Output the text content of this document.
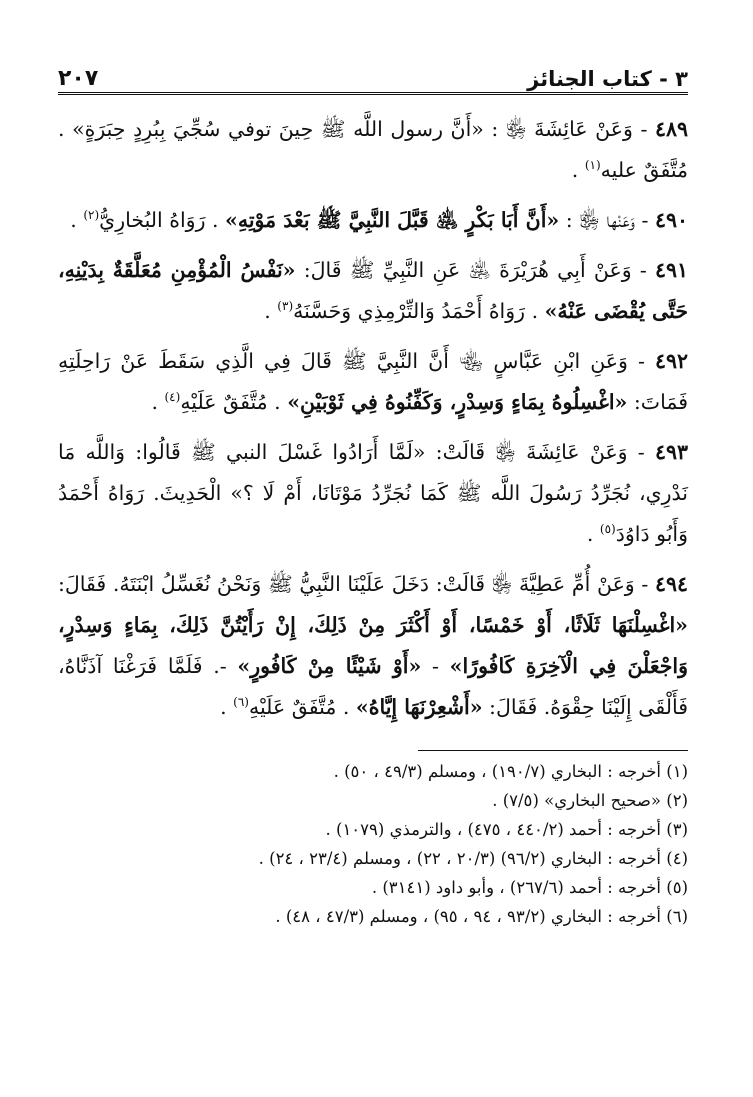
٣ - كتاب الجنائز
٢٠٧

٤٨٩ - وَعَنْ عَائِشَةَ ﵂ : «أَنَّ رسول اللَّه ﷺ حِينَ توفي سُجِّيَ بِبُرِدٍ حِبَرَةٍ» . مُتَّفَقٌ عليه$^{(١)}$ .

٤٩٠ - وَعَنْها ﵂ : «أَنَّ أَبَا بَكْرٍ ﵁ قَبَّلَ النَّبِيَّ ﷺ بَعْدَ مَوْتِهِ» . رَوَاهُ البُخارِيُّ$^{(٢)}$ .

٤٩١ - وَعَنْ أَبِي هُرَيْرَةَ ﵁ عَنِ النَّبِيِّ ﷺ قَالَ: «نَفْسُ الْمُؤْمِنِ مُعَلَّقَةٌ بِدَيْنِهِ، حَتَّى يُقْضَى عَنْهُ» . رَوَاهُ أَحْمَدُ وَالتِّرْمِذِي وَحَسَّنَهُ$^{(٣)}$ .

٤٩٢ - وَعَنِ ابْنِ عَبَّاسٍ ﵄ أَنَّ النَّبِيَّ ﷺ قَالَ فِي الَّذِي سَقَطَ عَنْ رَاحِلَتِهِ فَمَاتَ: «اغْسِلُوهُ بِمَاءٍ وَسِدْرٍ، وَكَفِّنُوهُ فِي ثَوْبَيْنِ» . مُتَّفَقٌ عَلَيْهِ$^{(٤)}$ .

٤٩٣ - وَعَنْ عَائِشَةَ ﵂ قَالَتْ: «لَمَّا أَرَادُوا غَسْلَ النبي ﷺ قَالُوا: وَاللَّه مَا نَدْرِي، نُجَرِّدُ رَسُولَ اللَّه ﷺ كَمَا نُجَرِّدُ مَوْتَانَا، أَمْ لَا ؟» الْحَدِيثَ. رَوَاهُ أَحْمَدُ وَأَبُو دَاوُدَ$^{(٥)}$ .

٤٩٤ - وَعَنْ أُمِّ عَطِيَّةَ ﵂ قَالَتْ: دَخَلَ عَلَيْنَا النَّبِيُّ ﷺ وَنَحْنُ نُغَسِّلُ ابْنَتَهُ. فَقَالَ: «اغْسِلْنَهَا ثَلَاثًا، أَوْ خَمْسًا، أَوْ أَكْثَرَ مِنْ ذَلِكَ، إِنْ رَأَيْتُنَّ ذَلِكَ، بِمَاءٍ وَسِدْرٍ، وَاجْعَلْنَ فِي الْآخِرَةِ كَافُورًا» - «أَوْ شَيْئًا مِنْ كَافُورٍ» -. فَلَمَّا فَرَغْنَا آذَنَّاهُ، فَأَلْقَى إِلَيْنَا حِقْوَهُ. فَقَالَ: «أَشْعِرْنَهَا إِيَّاهُ» . مُتَّفَقٌ عَلَيْهِ$^{(٦)}$ .

(١) أخرجه : البخاري (١٩٠/٧) ، ومسلم (٤٩/٣ ، ٥٠) .
(٢) «صحيح البخاري» (٧/٥) .
(٣) أخرجه : أحمد (٤٤٠/٢ ، ٤٧٥) ، والترمذي (١٠٧٩) .
(٤) أخرجه : البخاري (٩٦/٢) (٢٠/٣ ، ٢٢) ، ومسلم (٢٣/٤ ، ٢٤) .
(٥) أخرجه : أحمد (٢٦٧/٦) ، وأبو داود (٣١٤١) .
(٦) أخرجه : البخاري (٩٣/٢ ، ٩٤ ، ٩٥) ، ومسلم (٤٧/٣ ، ٤٨) .
